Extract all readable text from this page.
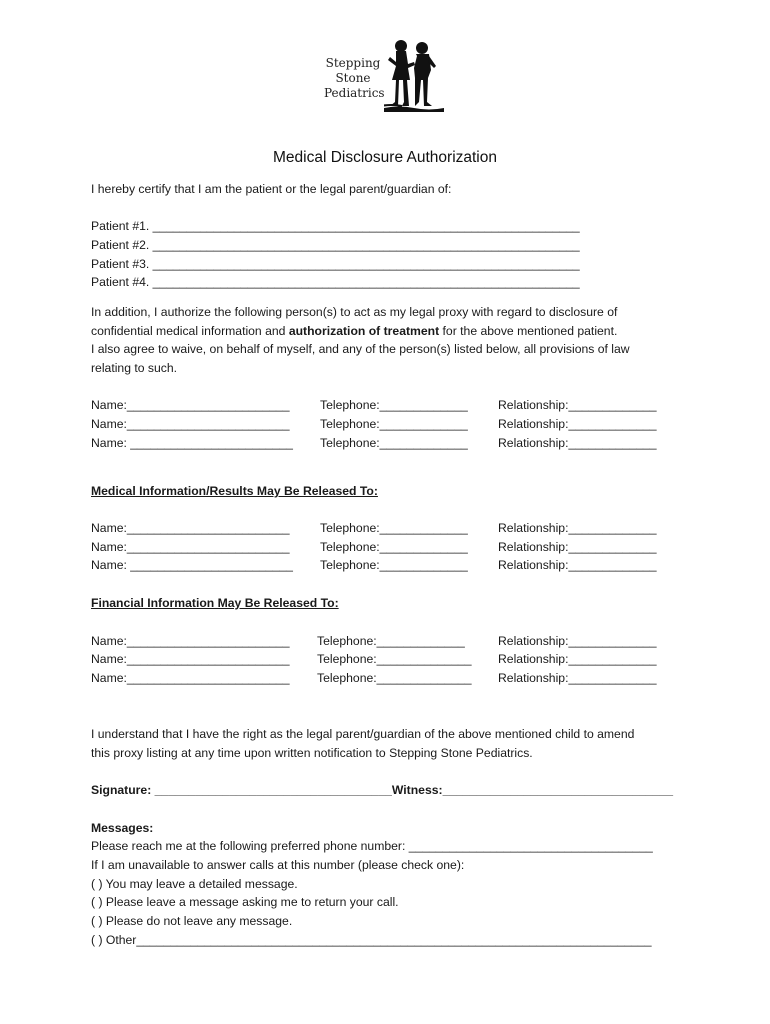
Stepping
Stone
Pediatrics
Medical Disclosure Authorization
I hereby certify that I am the patient or the legal parent/guardian of:
Patient #1. _______________________________________________________________
Patient #2. _______________________________________________________________
Patient #3. _______________________________________________________________
Patient #4. _______________________________________________________________
In addition, I authorize the following person(s) to act as my legal proxy with regard to disclosure of
confidential medical information and authorization of treatment for the above mentioned patient.
I also agree to waive, on behalf of myself, and any of the person(s) listed below, all provisions of law
relating to such.
Name:________________________ Telephone:_____________ Relationship:_____________
Name:________________________ Telephone:_____________ Relationship:_____________
Name: ________________________ Telephone:_____________ Relationship:_____________
Medical Information/Results May Be Released To:
Name:________________________ Telephone:_____________ Relationship:_____________
Name:________________________ Telephone:_____________ Relationship:_____________
Name: ________________________ Telephone:_____________ Relationship:_____________
Financial Information May Be Released To:
Name:________________________ Telephone:_____________	Relationship:_____________
Name:________________________ Telephone:______________ Relationship:_____________
Name:________________________ Telephone:______________ Relationship:_____________
I understand that I have the right as the legal parent/guardian of the above mentioned child to amend
this proxy listing at any time upon written notification to Stepping Stone Pediatrics.
Signature: ___________________________________Witness:__________________________________
Messages:
Please reach me at the following preferred phone number: ____________________________________
If I am unavailable to answer calls at this number (please check one):
( ) You may leave a detailed message.
( ) Please leave a message asking me to return your call.
( ) Please do not leave any message.
( ) Other____________________________________________________________________________
